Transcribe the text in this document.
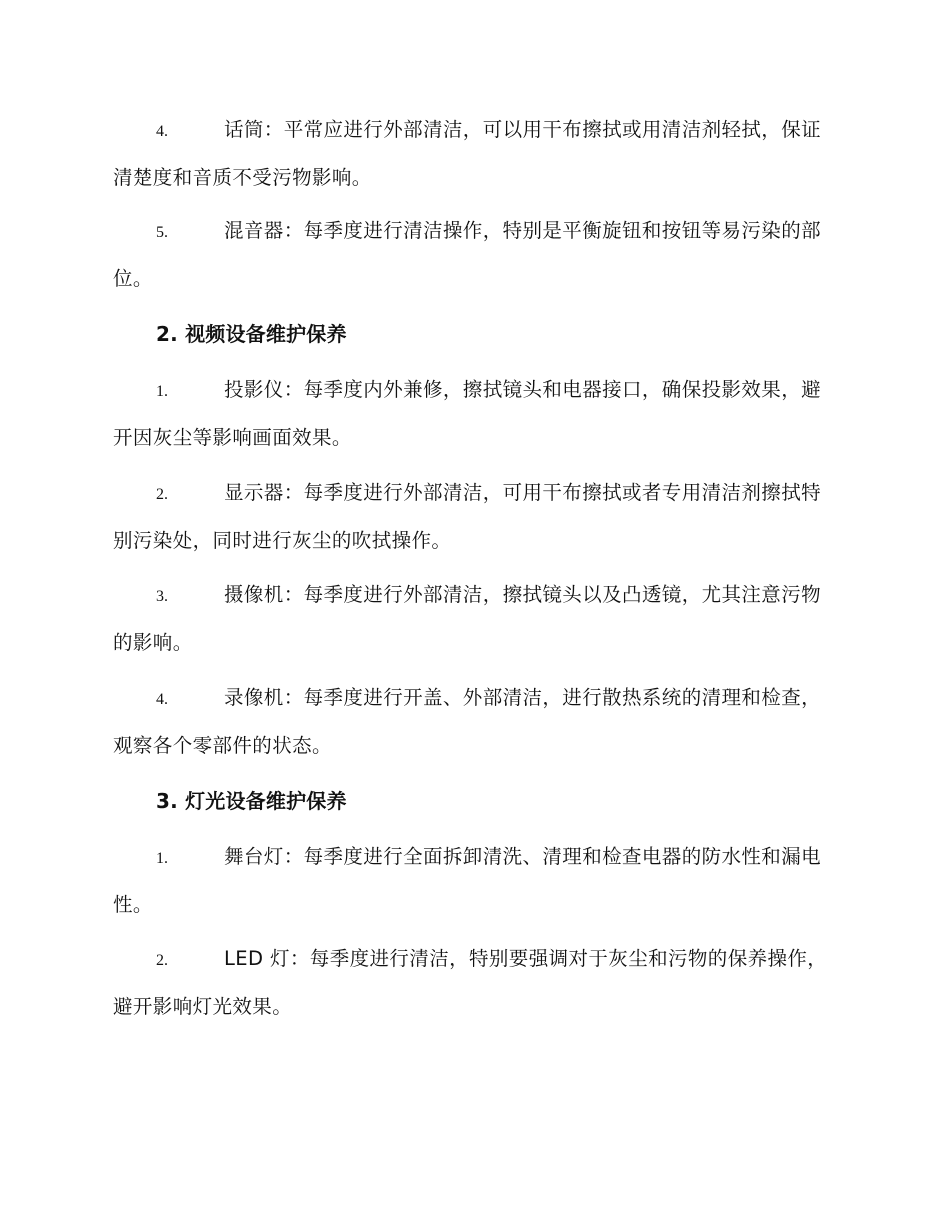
4.	话筒：平常应进行外部清洁，可以用干布擦拭或用清洁剂轻拭，保证清楚度和音质不受污物影响。
5.	混音器：每季度进行清洁操作，特别是平衡旋钮和按钮等易污染的部位。
2. 视频设备维护保养
1.	投影仪：每季度内外兼修，擦拭镜头和电器接口，确保投影效果，避开因灰尘等影响画面效果。
2.	显示器：每季度进行外部清洁，可用干布擦拭或者专用清洁剂擦拭特别污染处，同时进行灰尘的吹拭操作。
3.	摄像机：每季度进行外部清洁，擦拭镜头以及凸透镜，尤其注意污物的影响。
4.	录像机：每季度进行开盖、外部清洁，进行散热系统的清理和检查，观察各个零部件的状态。
3. 灯光设备维护保养
1.	舞台灯：每季度进行全面拆卸清洗、清理和检查电器的防水性和漏电性。
2.	LED 灯：每季度进行清洁，特别要强调对于灰尘和污物的保养操作，避开影响灯光效果。
